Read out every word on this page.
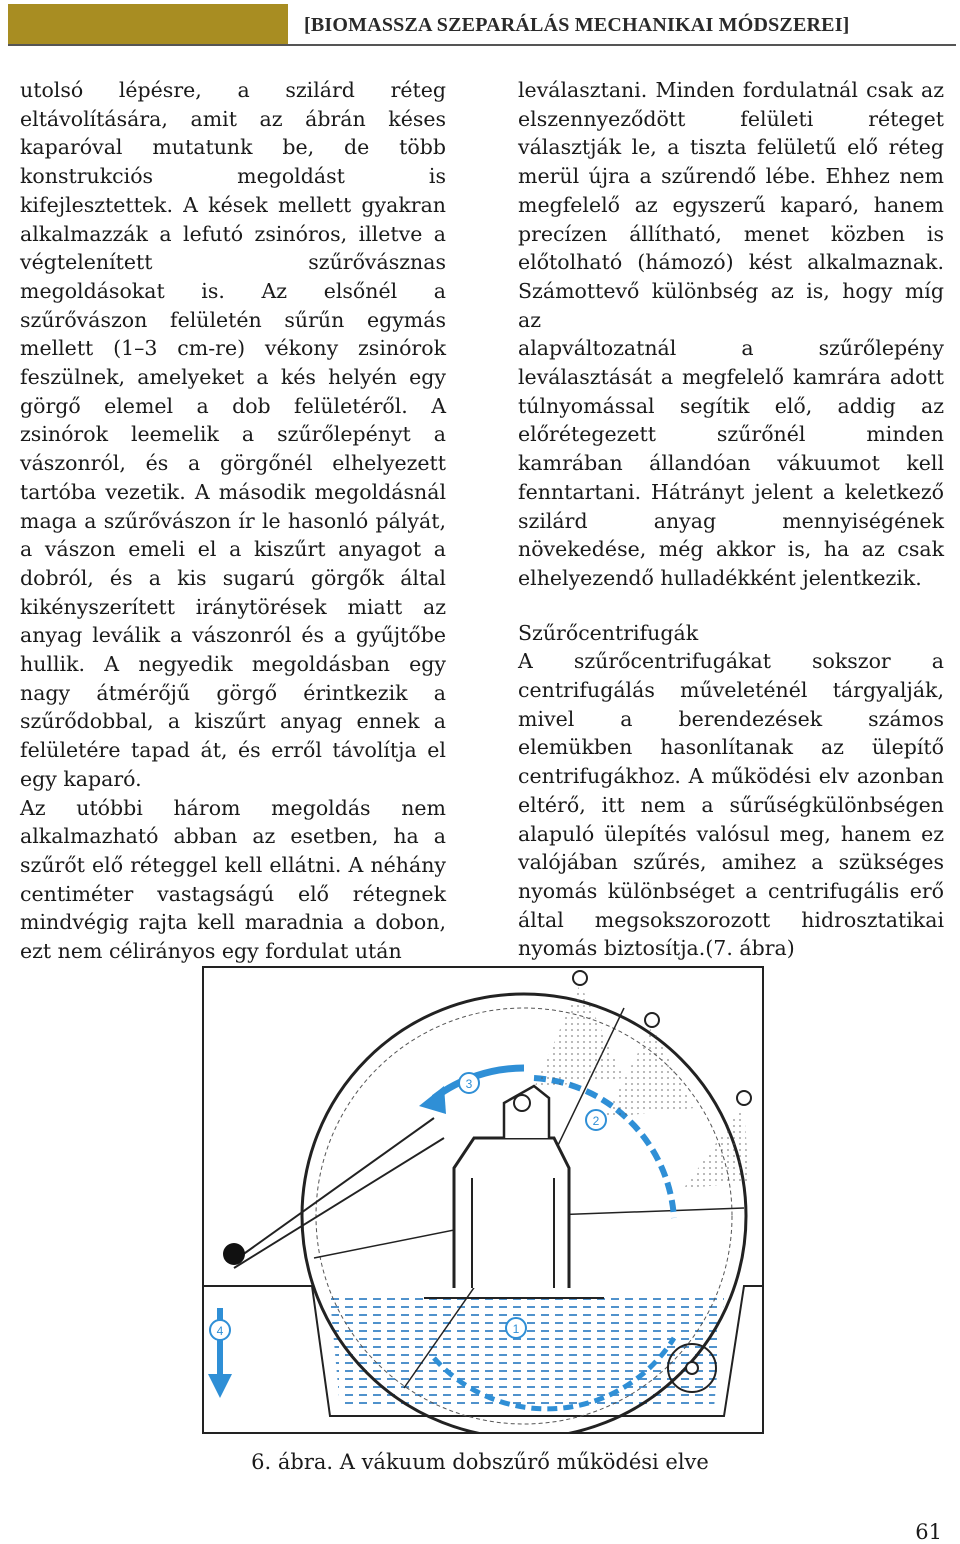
[BIOMASSZA SZEPARÁLÁS MECHANIKAI MÓDSZEREI]

utolsó lépésre, a szilárd réteg

eltávolítására, amit az ábrán késes

kaparóval mutatunk be, de több

konstrukciós megoldást is

kifejlesztettek. A kések mellett gyakran

alkalmazzák a lefutó zsinóros, illetve a

végtelenített szűrővásznas

megoldásokat is. Az elsőnél a

szűrővászon felületén sűrűn egymás

mellett (1–3 cm-re) vékony zsinórok

feszülnek, amelyeket a kés helyén egy

görgő elemel a dob felületéről. A

zsinórok leemelik a szűrőlepényt a

vászonról, és a görgőnél elhelyezett

tartóba vezetik. A második megoldásnál

maga a szűrővászon ír le hasonló pályát,

a vászon emeli el a kiszűrt anyagot a

dobról, és a kis sugarú görgők által

kikényszerített iránytörések miatt az

anyag leválik a vászonról és a gyűjtőbe

hullik. A negyedik megoldásban egy

nagy átmérőjű görgő érintkezik a

szűrődobbal, a kiszűrt anyag ennek a

felületére tapad át, és erről távolítja el

egy kaparó.

Az utóbbi három megoldás nem

alkalmazható abban az esetben, ha a

szűrőt elő réteggel kell ellátni. A néhány

centiméter vastagságú elő rétegnek

mindvégig rajta kell maradnia a dobon,

ezt nem célirányos egy fordulat után

leválasztani. Minden fordulatnál csak az

elszennyeződött felületi réteget

választják le, a tiszta felületű elő réteg

merül újra a szűrendő lébe. Ehhez nem

megfelelő az egyszerű kaparó, hanem

precízen állítható, menet közben is

előtolható (hámozó) kést alkalmaznak.

Számottevő különbség az is, hogy míg az

alapváltozatnál a szűrőlepény

leválasztását a megfelelő kamrára adott

túlnyomással segítik elő, addig az

előrétegezett szűrőnél minden

kamrában állandóan vákuumot kell

fenntartani. Hátrányt jelent a keletkező

szilárd anyag mennyiségének

növekedése, még akkor is, ha az csak

elhelyezendő hulladékként jelentkezik.

Szűrőcentrifugák

A szűrőcentrifugákat sokszor a

centrifugálás műveleténél tárgyalják,

mivel a berendezések számos

elemükben hasonlítanak az ülepítő

centrifugákhoz. A működési elv azonban

eltérő, itt nem a sűrűségkülönbségen

alapuló ülepítés valósul meg, hanem ez

valójában szűrés, amihez a szükséges

nyomás különbséget a centrifugális erő

által megsokszorozott hidrosztatikai

nyomás biztosítja.(7. ábra)

1
2
3
4
6. ábra. A vákuum dobszűrő működési elve
61
